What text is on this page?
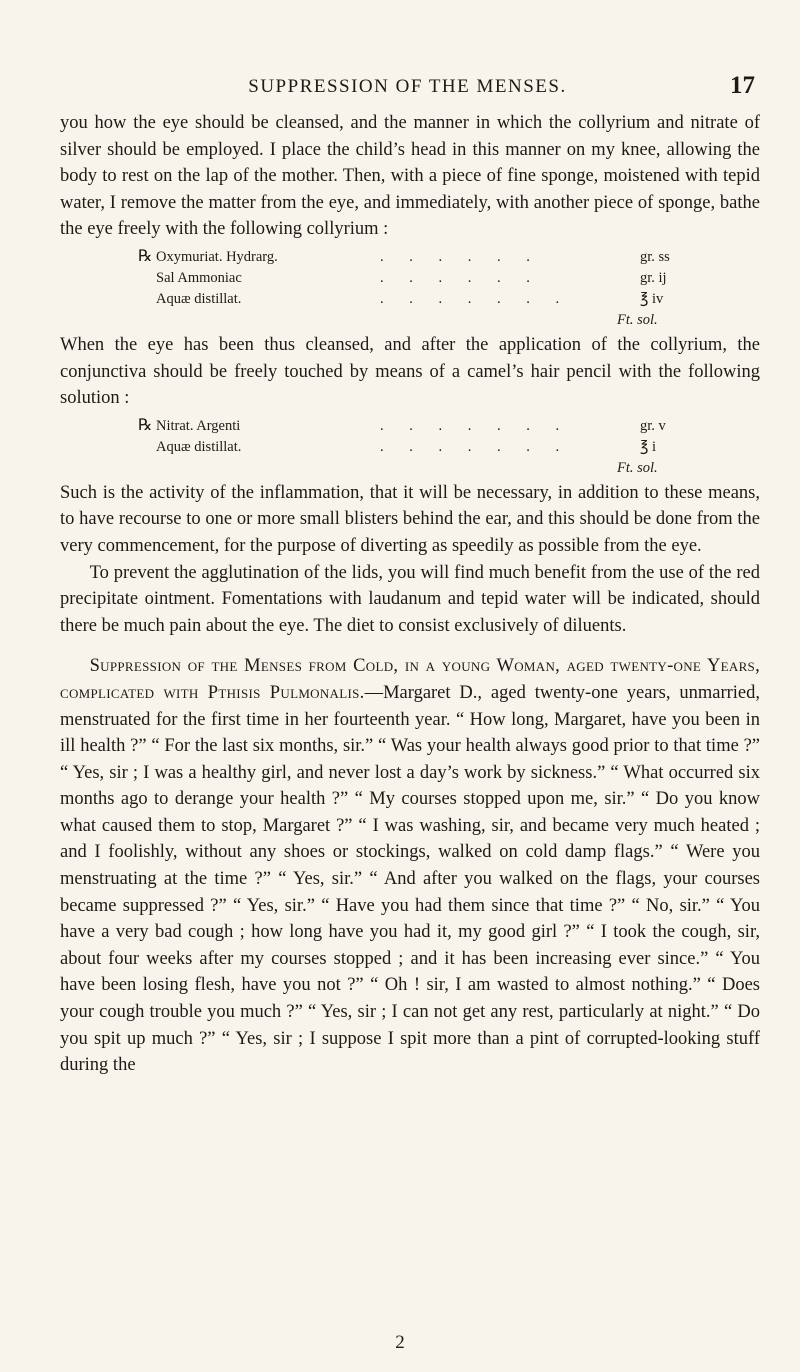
SUPPRESSION OF THE MENSES.	17

you how the eye should be cleansed, and the manner in which the collyrium and nitrate of silver should be employed. I place the child’s head in this manner on my knee, allowing the body to rest on the lap of the mother. Then, with a piece of fine sponge, moistened with tepid water, I remove the matter from the eye, and immediately, with another piece of sponge, bathe the eye freely with the following collyrium :

℞ Oxymuriat. Hydrarg.	. . . . . .	gr. ss
Sal Ammoniac	. . . . . .	gr. ij
Aquæ distillat.	. . . . . . .	℥ iv
Ft. sol.

When the eye has been thus cleansed, and after the application of the collyrium, the conjunctiva should be freely touched by means of a camel’s hair pencil with the following solution :

℞ Nitrat. Argenti	. . . . . . .	gr. v
Aquæ distillat.	. . . . . . .	℥ i
Ft. sol.

Such is the activity of the inflammation, that it will be necessary, in addition to these means, to have recourse to one or more small blisters behind the ear, and this should be done from the very commencement, for the purpose of diverting as speedily as possible from the eye.

To prevent the agglutination of the lids, you will find much benefit from the use of the red precipitate ointment. Fomentations with laudanum and tepid water will be indicated, should there be much pain about the eye. The diet to consist exclusively of diluents.

Suppression of the Menses from Cold, in a young Woman, aged twenty-one Years, complicated with Pthisis Pulmonalis.—Margaret D., aged twenty-one years, unmarried, menstruated for the first time in her fourteenth year. “ How long, Margaret, have you been in ill health ?” “ For the last six months, sir.” “ Was your health always good prior to that time ?” “ Yes, sir ; I was a healthy girl, and never lost a day’s work by sickness.” “ What occurred six months ago to derange your health ?” “ My courses stopped upon me, sir.” “ Do you know what caused them to stop, Margaret ?” “ I was washing, sir, and became very much heated ; and I foolishly, without any shoes or stockings, walked on cold damp flags.” “ Were you menstruating at the time ?” “ Yes, sir.” “ And after you walked on the flags, your courses became suppressed ?” “ Yes, sir.” “ Have you had them since that time ?” “ No, sir.” “ You have a very bad cough ; how long have you had it, my good girl ?” “ I took the cough, sir, about four weeks after my courses stopped ; and it has been increasing ever since.” “ You have been losing flesh, have you not ?” “ Oh ! sir, I am wasted to almost nothing.” “ Does your cough trouble you much ?” “ Yes, sir ; I can not get any rest, particularly at night.” “ Do you spit up much ?” “ Yes, sir ; I suppose I spit more than a pint of corrupted-looking stuff during the

2
